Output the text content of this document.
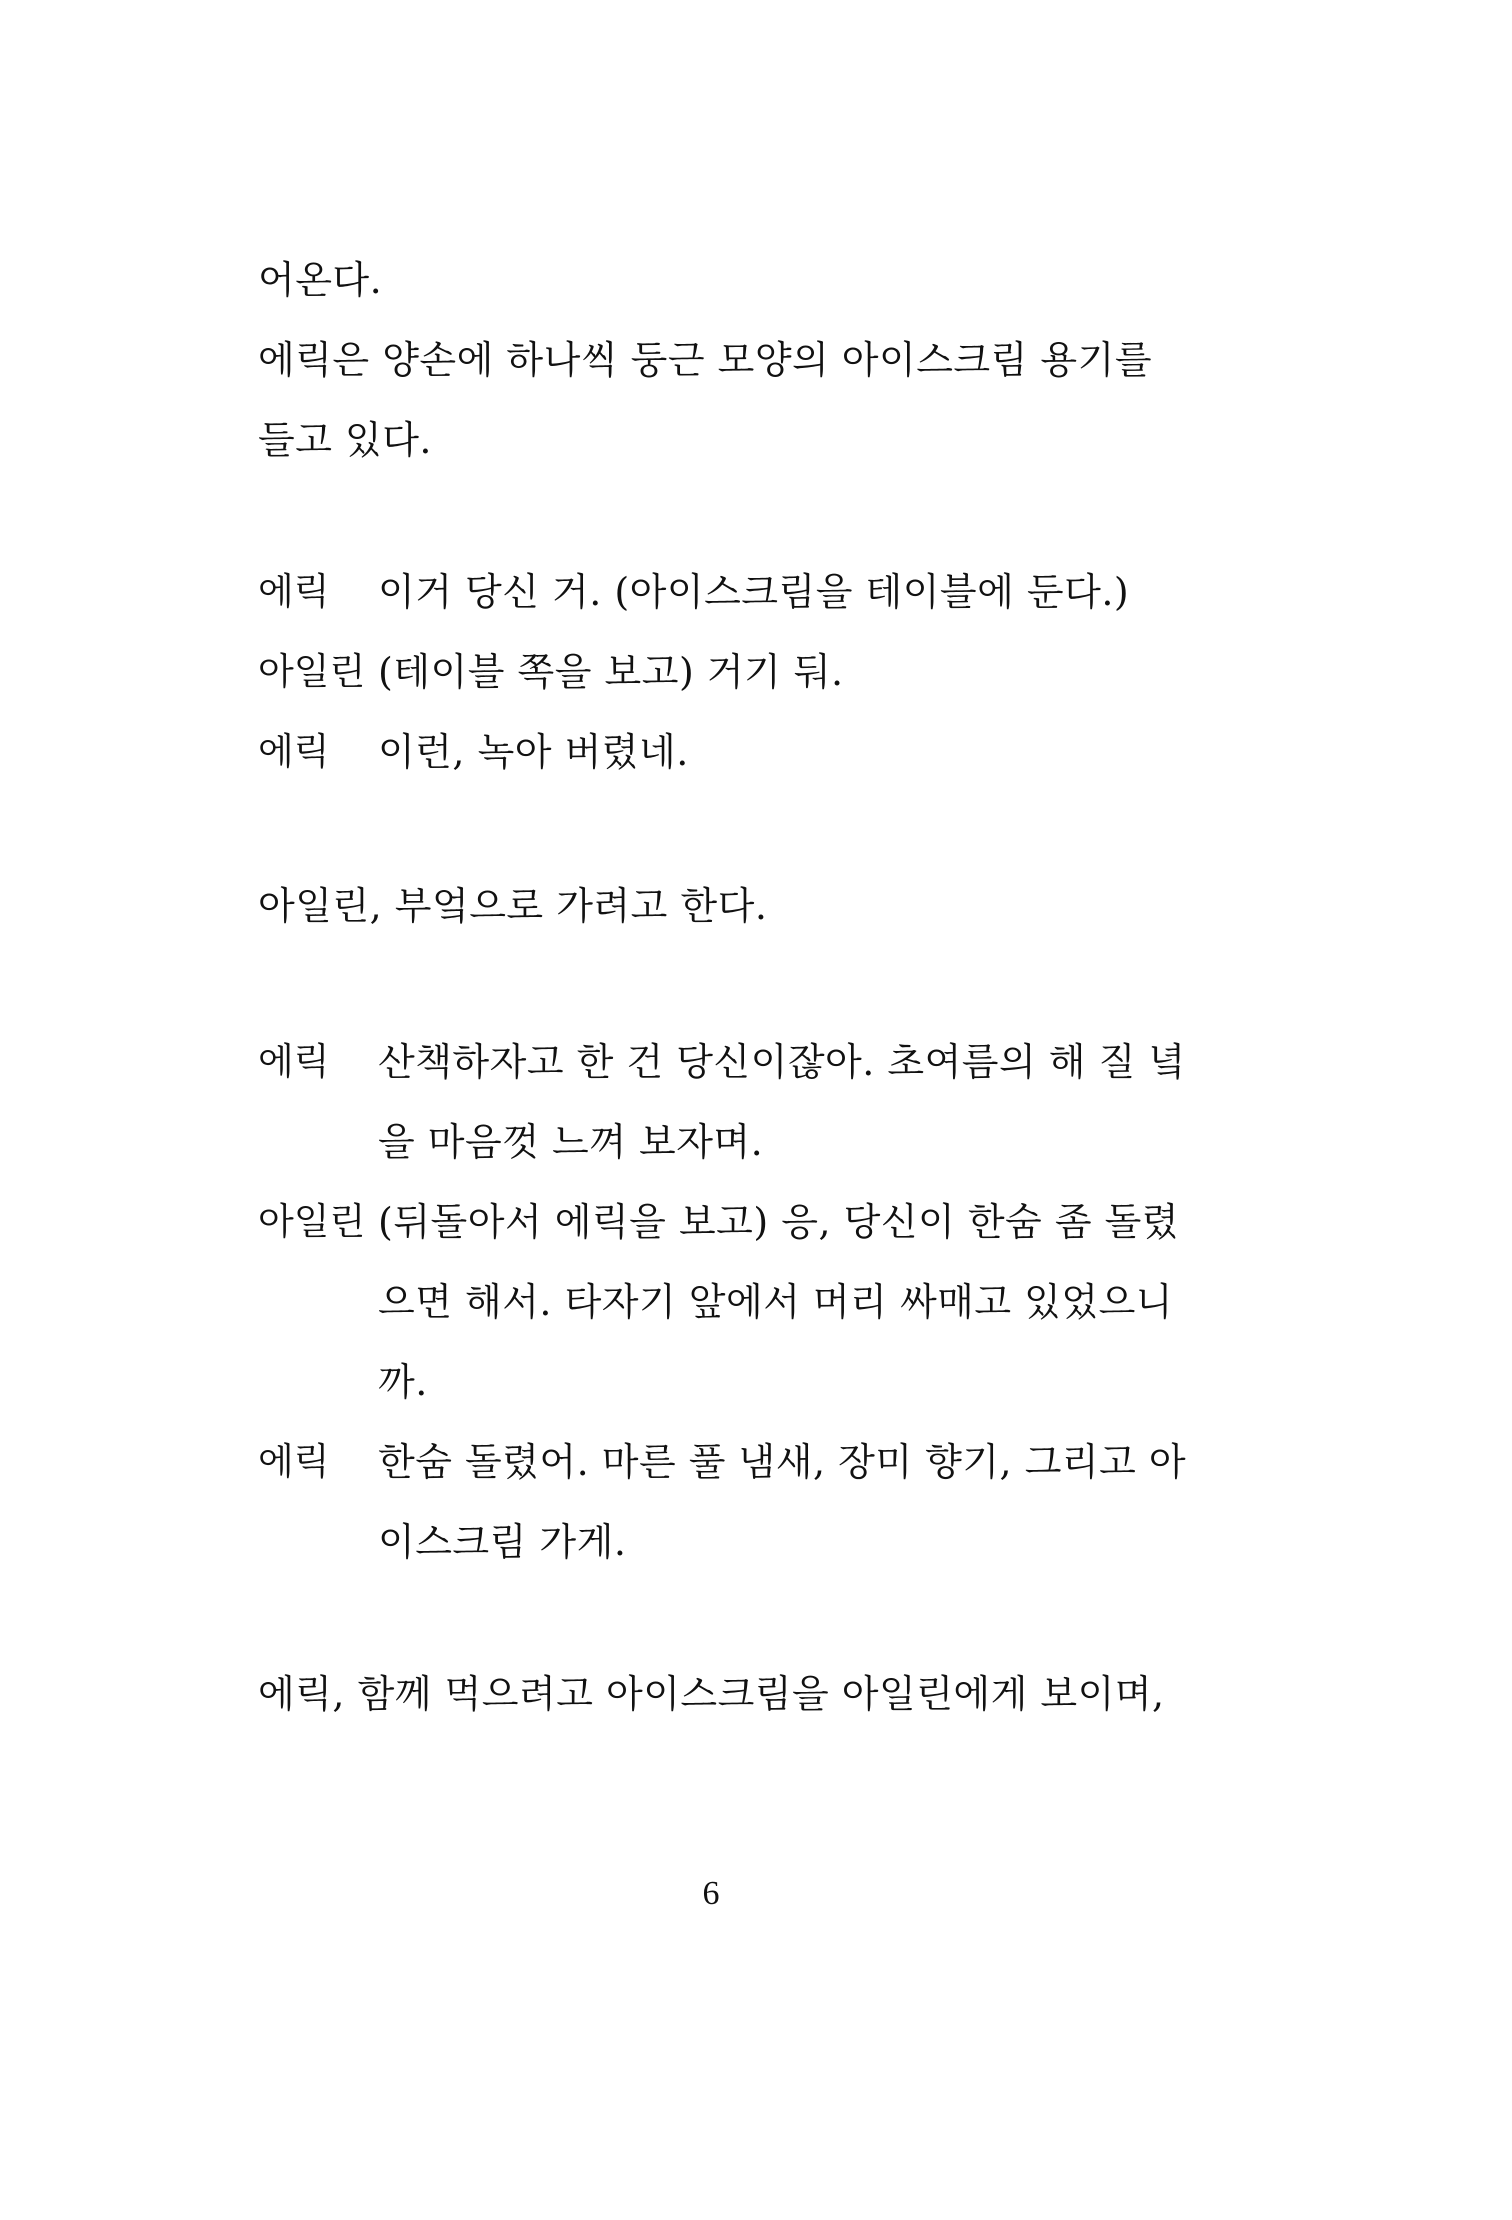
어온다.
에릭은 양손에 하나씩 둥근 모양의 아이스크림 용기를
들고 있다.
에릭 이거 당신 거. (아이스크림을 테이블에 둔다.)
아일린 (테이블 쪽을 보고) 거기 둬.
에릭 이런, 녹아 버렸네.
아일린, 부엌으로 가려고 한다.
에릭 산책하자고 한 건 당신이잖아. 초여름의 해 질 녘
을 마음껏 느껴 보자며.
아일린 (뒤돌아서 에릭을 보고) 응, 당신이 한숨 좀 돌렸
으면 해서. 타자기 앞에서 머리 싸매고 있었으니
까.
에릭 한숨 돌렸어. 마른 풀 냄새, 장미 향기, 그리고 아
이스크림 가게.
에릭, 함께 먹으려고 아이스크림을 아일린에게 보이며,
6
